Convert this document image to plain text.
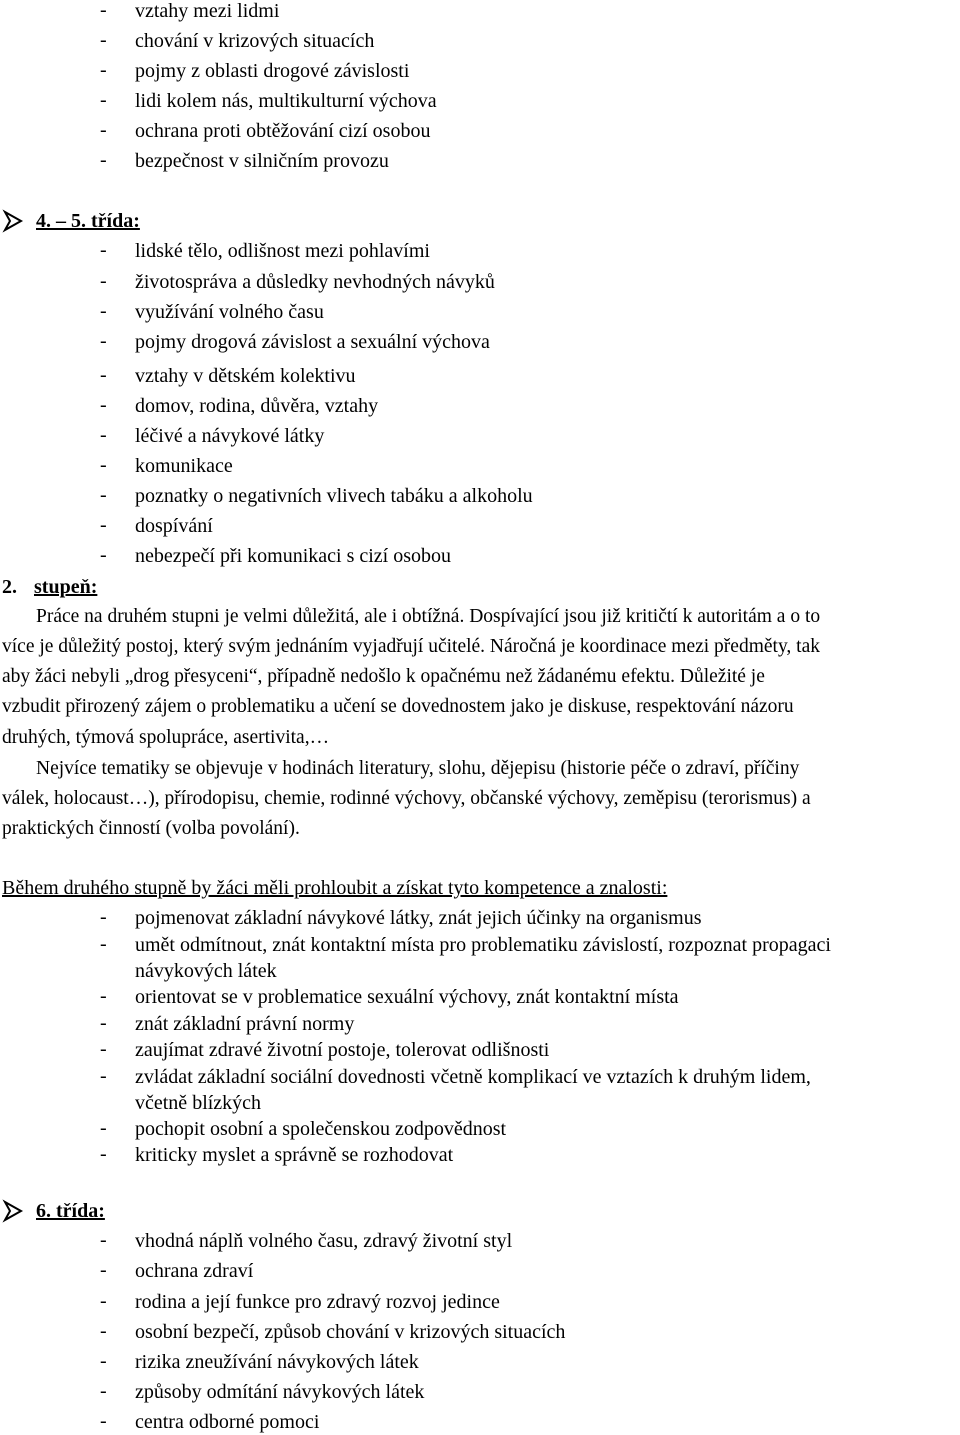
- vztahy mezi lidmi
- chování v krizových situacích
- pojmy z oblasti drogové závislosti
- lidi kolem nás, multikulturní výchova
- ochrana proti obtěžování cizí osobou
- bezpečnost v silničním provozu
4. – 5. třída:
- lidské tělo, odlišnost mezi pohlavími
- životospráva a důsledky nevhodných návyků
- využívání volného času
- pojmy drogová závislost a sexuální výchova
- vztahy v dětském kolektivu
- domov, rodina, důvěra, vztahy
- léčivé a návykové látky
- komunikace
- poznatky o negativních vlivech tabáku a alkoholu
- dospívání
- nebezpečí při komunikaci s cizí osobou
2. stupeň:
Práce na druhém stupni je velmi důležitá, ale i obtížná. Dospívající jsou již kritičtí k autoritám a o to
více je důležitý postoj, který svým jednáním vyjadřují učitelé. Náročná je koordinace mezi předměty, tak
aby žáci nebyli „drog přesyceni“, případně nedošlo k opačnému než žádanému efektu. Důležité je
vzbudit přirozený zájem o problematiku a učení se dovednostem jako je diskuse, respektování názoru
druhých, týmová spolupráce, asertivita,…
Nejvíce tematiky se objevuje v hodinách literatury, slohu, dějepisu (historie péče o zdraví, příčiny
válek, holocaust…), přírodopisu, chemie, rodinné výchovy, občanské výchovy, zeměpisu (terorismus) a
praktických činností (volba povolání).
Během druhého stupně by žáci měli prohloubit a získat tyto kompetence a znalosti:
- pojmenovat základní návykové látky, znát jejich účinky na organismus
- umět odmítnout, znát kontaktní místa pro problematiku závislostí, rozpoznat propagaci
návykových látek
- orientovat se v problematice sexuální výchovy, znát kontaktní místa
- znát základní právní normy
- zaujímat zdravé životní postoje, tolerovat odlišnosti
- zvládat základní sociální dovednosti včetně komplikací ve vztazích k druhým lidem,
včetně blízkých
- pochopit osobní a společenskou zodpovědnost
- kriticky myslet a správně se rozhodovat
6. třída:
- vhodná náplň volného času, zdravý životní styl
- ochrana zdraví
- rodina a její funkce pro zdravý rozvoj jedince
- osobní bezpečí, způsob chování v krizových situacích
- rizika zneužívání návykových látek
- způsoby odmítání návykových látek
- centra odborné pomoci
